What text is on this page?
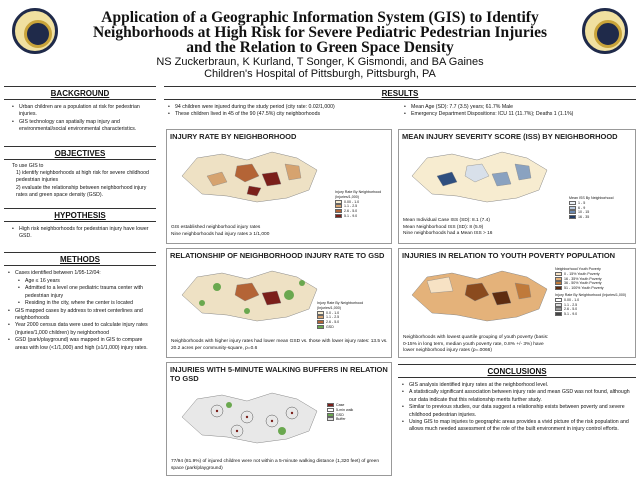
Application of a Geographic Information System (GIS) to Identify
Neighborhoods at High Risk for Severe Pediatric Pedestrian Injuries
and the Relation to Green Space Density
NS Zuckerbraun, K Kurland, T Songer, K Gismondi, and BA Gaines
Children's Hospital of Pittsburgh, Pittsburgh, PA
BACKGROUND
• Urban children are a population at risk for pedestrian injuries.
• GIS technology can spatially map injury and environmental/social environmental characteristics.
OBJECTIVES
To use GIS to
1) identify neighborhoods at high risk for severe childhood pedestrian injuries
2) evaluate the relationship between neighborhood injury rates and green space density (GSD).
HYPOTHESIS
• High risk neighborhoods for pedestrian injury have lower GSD.
METHODS
• Cases identified between 1/95-12/04:
• Age ≤ 16 years
• Admitted to a level one pediatric trauma center with pedestrian injury
• Residing in the city, where the center is located
• GIS mapped cases by address to street centerlines and neighborhoods
• Year 2000 census data were used to calculate injury rates (injuries/1,000 children) by neighborhood
• GSD (park/playground) was mapped in GIS to compare areas with low (<1/1,000) and high (≥1/1,000) injury rates.
RESULTS
• 94 children were injured during the study period (city rate: 0.02/1,000)
• These children lived in 45 of the 90 (47.5%) city neighborhoods
• Mean Age (SD): 7.7 (3.5) years; 61.7% Male
• Emergency Department Dispositions: ICU 11 (11.7%); Deaths 1 (1.1%)
INJURY RATE BY NEIGHBORHOOD
Injury Rate By Neighborhood (Injuries/1,000)
0.00 - 1.0
1.1 - 2.5
2.6 - 5.0
5.1 - 9.0
GIS established neighborhood injury rates
Nine neighborhoods had injury rates ≥ 1/1,000
MEAN INJURY SEVERITY SCORE (ISS) BY NEIGHBORHOOD
Mean ISS By Neighborhood
1 - 5
6 - 9
10 - 15
16 - 35
Mean Individual Case ISS (SD): 8.1 (7.4)
Mean Neighborhood ISS (SD): 8 (5.9)
Nine neighborhoods had a Mean ISS > 16
RELATIONSHIP OF NEIGHBORHOOD INJURY RATE TO GSD
Injury Rate By Neighborhood (Injuries/1,000)
0.0 - 1.0
1.1 - 2.5
2.6 - 5.0
GSD
Neighborhoods with higher injury rates had lower mean GSD vs. those with lower injury rates: 13.5 vs. 20.2 acres per community-square, p=0.6
INJURIES IN RELATION TO YOUTH POVERTY POPULATION
Neighborhood Youth Poverty
0 - 15% Youth Poverty
16 - 35% Youth Poverty
36 - 50% Youth Poverty
51 - 100% Youth Poverty
Injury Rate By Neighborhood (Injuries/1,000)
0.00 - 1.0
1.1 - 2.5
2.6 - 5.0
5.1 - 9.0
Neighborhoods with lowest quartile grouping of youth poverty (basis: 0-15% in long term, median youth poverty rate, 0.8% +/- 3%) have lower neighborhood injury rates (p=.0066)
INJURIES WITH 5-MINUTE WALKING BUFFERS IN RELATION TO GSD
Case
5-min walk
GSD
Buffer
77/94 (81.9%) of injured children were not within a 5-minute walking distance (1,320 feet) of green space (park/playground)
CONCLUSIONS
• GIS analysis identified injury rates at the neighborhood level.
• A statistically significant association between injury rate and mean GSD was not found, although our data indicate that this relationship merits further study.
• Similar to previous studies, our data suggest a relationship exists between poverty and severe childhood pedestrian injuries.
• Using GIS to map injuries to geographic areas provides a vivid picture of the risk population and allows much needed assessment of the role of the built environment in injury control efforts.
